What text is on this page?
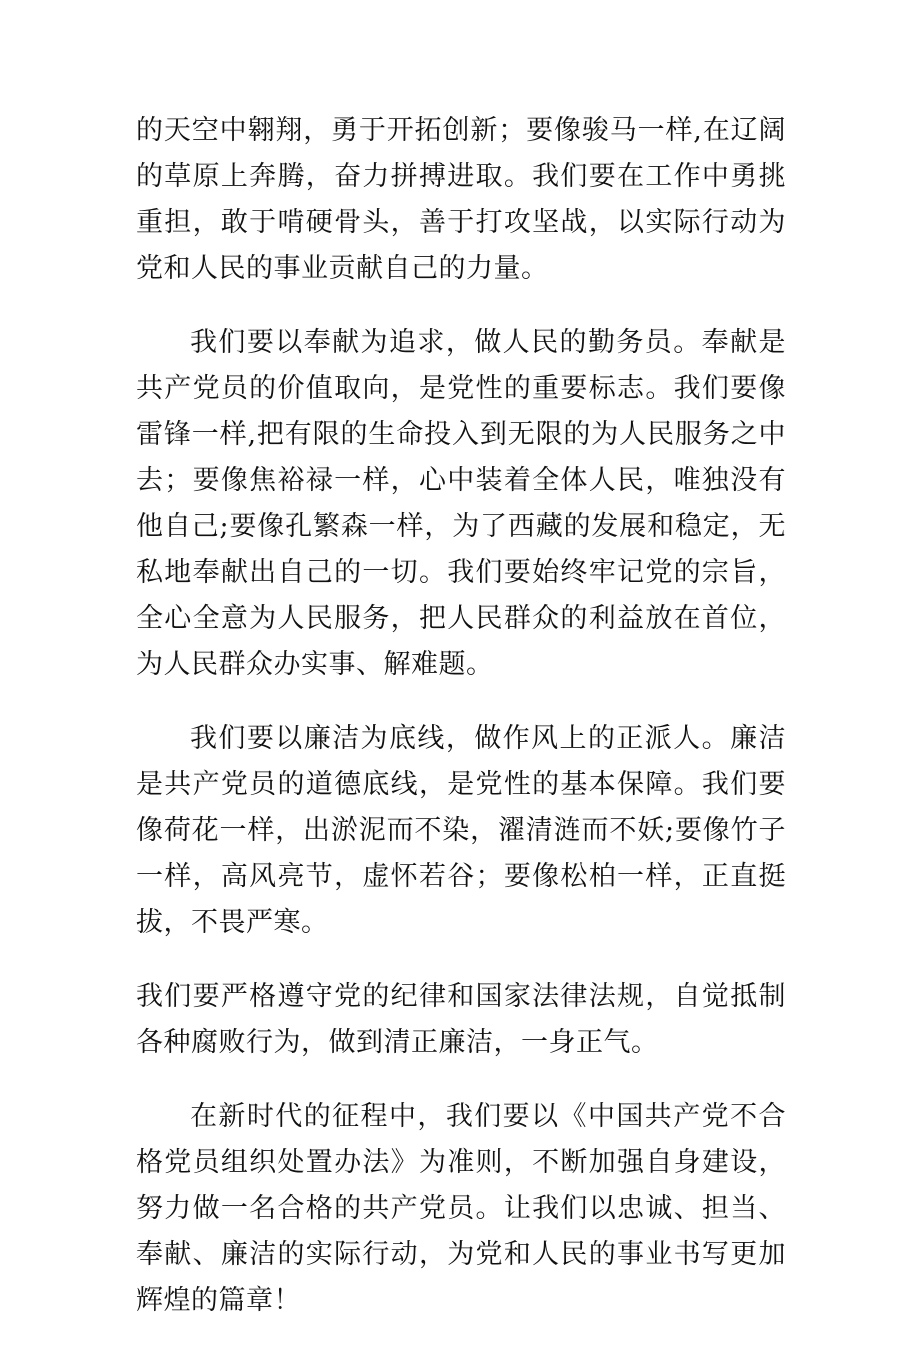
的天空中翱翔，勇于开拓创新；要像骏马一样,在辽阔的草原上奔腾，奋力拼搏进取。我们要在工作中勇挑重担，敢于啃硬骨头，善于打攻坚战，以实际行动为党和人民的事业贡献自己的力量。

我们要以奉献为追求，做人民的勤务员。奉献是共产党员的价值取向，是党性的重要标志。我们要像雷锋一样,把有限的生命投入到无限的为人民服务之中去；要像焦裕禄一样，心中装着全体人民，唯独没有他自己;要像孔繁森一样，为了西藏的发展和稳定，无私地奉献出自己的一切。我们要始终牢记党的宗旨，全心全意为人民服务，把人民群众的利益放在首位，为人民群众办实事、解难题。

我们要以廉洁为底线，做作风上的正派人。廉洁是共产党员的道德底线，是党性的基本保障。我们要像荷花一样，出淤泥而不染，濯清涟而不妖;要像竹子一样，高风亮节，虚怀若谷；要像松柏一样，正直挺拔，不畏严寒。

我们要严格遵守党的纪律和国家法律法规，自觉抵制各种腐败行为，做到清正廉洁，一身正气。

在新时代的征程中，我们要以《中国共产党不合格党员组织处置办法》为准则，不断加强自身建设，努力做一名合格的共产党员。让我们以忠诚、担当、奉献、廉洁的实际行动，为党和人民的事业书写更加辉煌的篇章！
